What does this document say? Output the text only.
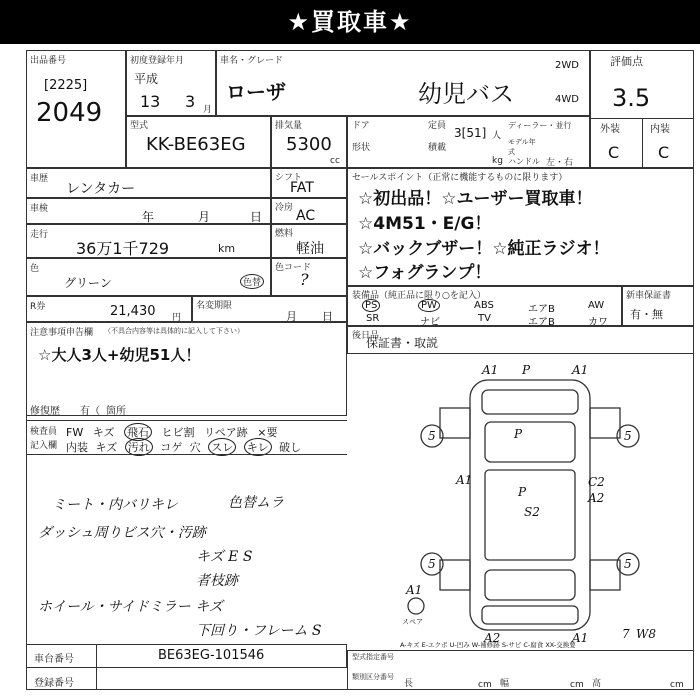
★買取車★
出品番号
[2225]
2049
初度登録年月
平成
13 3 月
車名・グレード
ローザ	幼児バス
2WD
4WD
評価点
3.5
外装	内装
C C
型式
KK-BE63EG
排気量
5300
cc
ドア	定員 3[51] 人
ディーラー・並行
形状	積載
kg
モデル年式
ハンドル 左・右
車歴
レンタカー
シフト
FAT
車検
年	月	日
冷房 AC
走行
36万1千729	km
燃料
軽油
色
グリーン	色替
色コード
?
R券	21,430 円
名変期限
月 日
注意事項申告欄 （不具合内容等は具体的に記入して下さい）
☆大人3人+幼児51人！
修復歴 有（ 箇所
セールスポイント（正常に機能するものに限ります）
☆初出品！☆ユーザー買取車！
☆4M51・E/G！
☆バックブザー！☆純正ラジオ！
☆フォグランプ！
装備品（純正品に限り○を記入）
PS	PW	ABS	エアB	AW
SR	ナビ	TV	エアB	カワ
新車保証書
有・無
後日品
保証書・取説
検査員
記入欄
FW キズ 飛石 ヒビ割 リペア跡 ×要
内装 キズ 汚れ コゲ 穴 スレ キレ 破し
ミート・内バリキレ	色替ムラ
ダッシュ周りビス穴・汚跡
キズ E S
者枝跡
ホイール・サイドミラー キズ
下回り・フレーム S
A1 P	A1
P
A1
P
S2
C2
A2
5	5
5	5
A1
A2	A1	7 W8
スペア
A-キズ E-エクボ U-凹み W-補修跡 S-サビ C-腐食 XX-交換要
車台番号	BE63EG-101546
登録番号
型式指定番号
類別区分番号
長	幅	高
cm	cm	cm
